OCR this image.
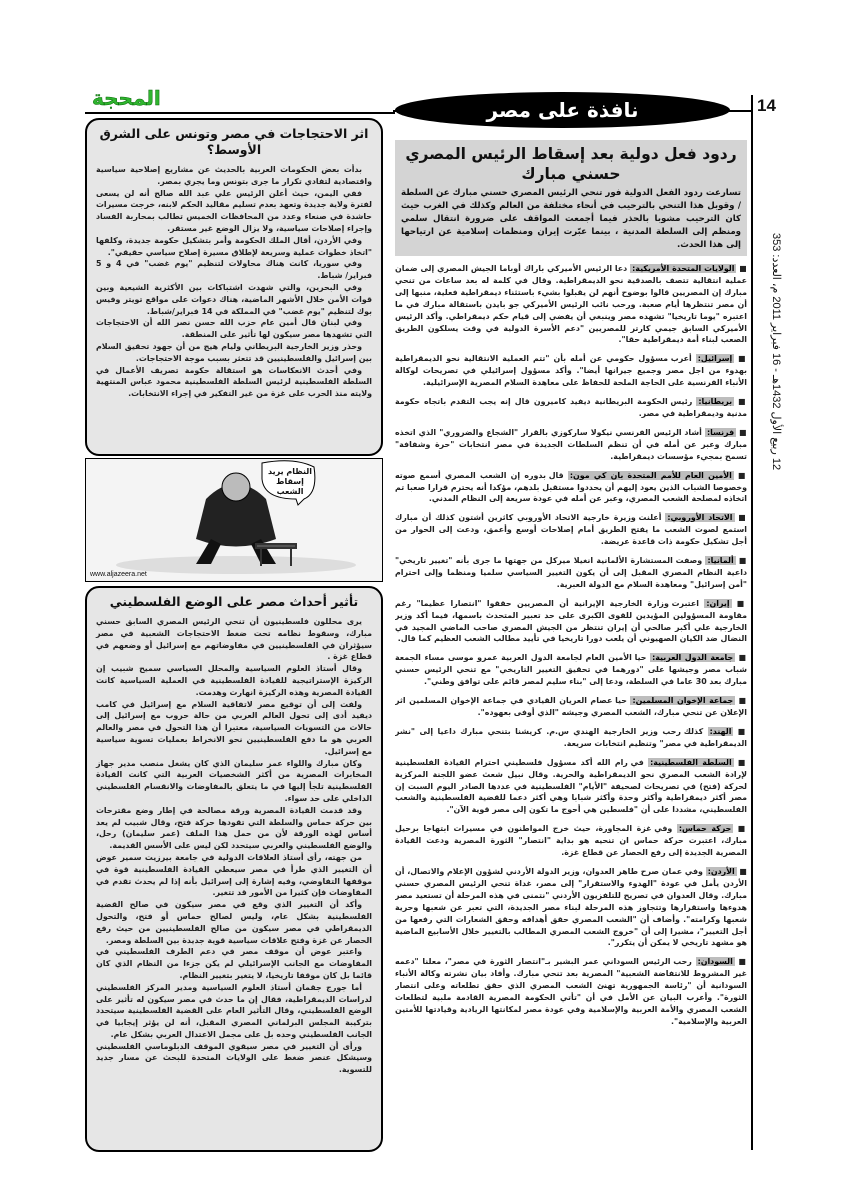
14
نافذة على مصر
12 ربيع الأول 1432هـ - 16 فبراير 2011 م، العدد: 353
المحجة
ردود فعل دولية بعد إسقاط الرئيس المصري حسني مبارك

تسارعت ردود الفعل الدولية فور تنحي الرئيس المصري حسني مبارك عن السلطة / وقوبل هذا التنحي بالترحيب في أنحاء مختلفة من العالم وكذلك في الغرب حيث كان الترحيب مشوبا بالحذر فيما أجمعت المواقف على ضرورة انتقال سلمي ومنظم إلى السلطة المدنية ، بينما عبّرت إيران ومنظمات إسلامية عن ارتياحها إلى هذا الحدث.

■ الولايات المتحدة الأمريكية: دعا الرئيس الأميركي باراك أوباما الجيش المصري إلى ضمان عملية انتقالية تتصف بالصدقية نحو الديمقراطية. وقال في كلمة له بعد ساعات من تنحي مبارك إن المصريين قالوا بوضوح أنهم لن يقبلوا بشيء باستثناء ديمقراطية فعلية، منبها إلى أن مصر تنتظرها أيام صعبة. ورحب نائب الرئيس الأميركي جو بايدن باستقالة مبارك في ما اعتبره "يوما تاريخيا" تشهده مصر وينبغي أن يفضي إلى قيام حكم ديمقراطي. وأكد الرئيس الأميركي السابق جيمي كارتر للمصريين "دعم الأسرة الدولية في وقت يسلكون الطريق الصعب لبناء أمة ديمقراطية حقا".
■ إسرائيل: أعرب مسؤول حكومي عن أمله بأن "تتم العملية الانتقالية نحو الديمقراطية بهدوء من اجل مصر وجميع جيرانها أيضا". وأكد مسؤول إسرائيلي في تصريحات لوكالة الأنباء الفرنسية على الحاجة الملحة للحفاظ على معاهدة السلام المصرية الإسرائيلية.
■ بريطانيا: رئيس الحكومة البريطانية ديفيد كاميرون قال إنه يجب التقدم باتجاه حكومة مدنية وديمقراطية في مصر.
■ فرنسا: أشاد الرئيس الفرنسي نيكولا ساركوزي بالقرار "الشجاع والضروري" الذي اتخذه مبارك وعبر عن أمله في أن تنظم السلطات الجديدة في مصر انتخابات "حرة وشفافة" تسمح بمجيء مؤسسات ديمقراطية.
■ الأمين العام للأمم المتحدة بان كي مون: قال بدوره إن الشعب المصري أسمع صوته وخصوصا الشباب الذين يعود إليهم أن يحددوا مستقبل بلدهم، مؤكدا أنه يحترم قرارا صعبا تم اتخاذه لمصلحة الشعب المصري، وعبر عن أمله في عودة سريعة إلى النظام المدني.
■ الاتحاد الأوروبي: أعلنت وزيرة خارجية الاتحاد الأوروبي كاثرين أشتون كذلك أن مبارك استمع لصوت الشعب ما يفتح الطريق أمام إصلاحات أوسع وأعمق، ودعت إلى الحوار من أجل تشكيل حكومة ذات قاعدة عريضة.
■ ألمانيا: وصفت المستشارة الألمانية انغيلا ميركل من جهتها ما جرى بأنه "تغيير تاريخي" داعية النظام المصري المقبل إلى أن يكون التغيير السياسي سلميا ومنظما وإلى احترام "أمن إسرائيل" ومعاهدة السلام مع الدولة العبرية.
■ إيران: اعتبرت وزارة الخارجية الإيرانية أن المصريين حققوا "انتصارا عظيما" رغم مقاومة المسؤولين المؤيدين للقوى الكبرى على حد تعبير المتحدث باسمها، فيما أكد وزير الخارجية علي أكبر صالحي أن إيران تنتظر من الجيش المصري صاحب الماضي المجيد في النضال ضد الكيان الصهيوني أن يلعب دورا تاريخيا في تأييد مطالب الشعب العظيم كما قال.
■ جامعة الدول العربية: حيا الأمين العام لجامعة الدول العربية عمرو موسى مساء الجمعة شباب مصر وجيشها على "دورهما في تحقيق التغيير التاريخي" مع تنحي الرئيس حسني مبارك بعد 30 عاما في السلطة، ودعا إلى "بناء سليم لمصر قائم على توافق وطني".
■ جماعة الإخوان المسلمين: حيا عصام العريان القيادي في جماعة الإخوان المسلمين اثر الإعلان عن تنحي مبارك، الشعب المصري وجيشه "الذي أوفى بعهوده".
■ الهند: كذلك رحب وزير الخارجية الهندي س.م. كريشنا بتنحي مبارك داعيا إلى "نشر الديمقراطية في مصر" وتنظيم انتخابات سريعة.
■ السلطة الفلسطينية: في رام الله أكد مسؤول فلسطيني احترام القيادة الفلسطينية لإرادة الشعب المصري نحو الديمقراطية والحرية. وقال نبيل شعث عضو اللجنة المركزية لحركة (فتح) في تصريحات لصحيفة "الأيام" الفلسطينية في عددها الصادر اليوم السبت إن مصر أكثر ديمقراطية وأكثر وحدة وأكثر شبابا وهي أكثر دعما للقضية الفلسطينية والشعب الفلسطيني، مشددا على أن "فلسطين هي أحوج ما تكون إلى مصر قوية الآن".
■ حركة حماس: وفي غزة المجاورة، حيث خرج المواطنون في مسيرات ابتهاجا برحيل مبارك، اعتبرت حركة حماس ان تنحيه هو بداية "انتصار" الثورة المصرية ودعت القيادة المصرية الجديدة إلى رفع الحصار عن قطاع غزة.
■ الأردن: وفي عمان صرح طاهر العدوان، وزير الدولة الأردني لشؤون الإعلام والاتصال، أن الأردن يأمل في عودة "الهدوء والاستقرار" إلى مصر، غداة تنحي الرئيس المصري حسني مبارك. وقال العدوان في تصريح للتلفزيون الأردني "نتمنى في هذه المرحلة أن تستعيد مصر هدوءها واستقرارها وتتجاوز هذه المرحلة لبناء مصر الجديدة، التي تعبر عن شعبها وحرية شعبها وكرامته". وأضاف أن "الشعب المصري حقق أهدافه وحقق الشعارات التي رفعها من أجل التغيير"، مشيرا إلى أن "خروج الشعب المصري المطالب بالتغيير خلال الأسابيع الماضية هو مشهد تاريخي لا يمكن أن يتكرر".
■ السودان: رحب الرئيس السوداني عمر البشير بـ"انتصار الثورة في مصر"، معلنا "دعمه غير المشروط للانتفاضة الشعبية" المصرية بعد تنحي مبارك. وأفاد بيان نشرته وكالة الأنباء السودانية أن "رئاسة الجمهورية تهنئ الشعب المصري الذي حقق تطلعاته وعلى انتصار الثورة". وأعرب البيان عن الأمل في أن "تأتي الحكومة المصرية القادمة ملبية لتطلعات الشعب المصري والأمة العربية والإسلامية وفي عودة مصر لمكانتها الريادية وقيادتها للأمتين العربية والإسلامية".
اثر الاحتجاجات في مصر وتونس على الشرق الأوسط؟

بدأت بعض الحكومات العربية بالحديث عن مشاريع إصلاحية سياسية واقتصادية لتفادي تكرار ما جرى بتونس وما يجري بمصر.

ففي اليمن، حيث أعلن الرئيس علي عبد الله صالح أنه لن يسعى لفترة ولاية جديدة وتعهد بعدم تسليم مقاليد الحكم لابنه، خرجت مسيرات حاشدة في صنعاء وعدد من المحافظات الخميس تطالب بمحاربة الفساد وإجراء إصلاحات سياسية، ولا يزال الوضع غير مستقر.

وفي الأردن، أقال الملك الحكومة وأمر بتشكيل حكومة جديدة، وكلفها "اتخاذ خطوات عملية وسريعة لإطلاق مسيرة إصلاح سياسي حقيقي".

وفي سوريا، كانت هناك محاولات لتنظيم "يوم غضب" في 4 و 5 فبراير/ شباط.

وفي البحرين، والتي شهدت اشتباكات بين الأكثرية الشيعية وبين قوات الأمن خلال الأشهر الماضية، هناك دعوات على مواقع تويتر وفيس بوك لتنظيم "يوم غضب" في المملكة في 14 فبراير/شباط.

وفي لبنان قال أمين عام حزب الله حسن نصر الله أن الاحتجاجات التي تشهدها مصر سيكون لها تأثير على المنطقة.

وحذر وزير الخارجية البريطاني وليام هيج من أن جهود تحقيق السلام بين إسرائيل والفلسطينيين قد تتعثر بسبب موجة الاحتجاجات.

وفي أحدث الانعكاسات هو استقالة حكومة تصريف الأعمال في السلطة الفلسطينية لرئيس السلطة الفلسطينية محمود عباس المنتهية ولايته منذ الحرب على غزة من غير التفكير في إجراء الانتخابات.

النظام يريد إسقاط الشعب
www.aljazeera.net
تأثير أحداث مصر على الوضع الفلسطيني

يرى محللون فلسطينيون أن تنحي الرئيس المصري السابق حسني مبارك، وسقوط نظامه تحت ضغط الاحتجاجات الشعبية في مصر سيؤثران في الفلسطينيين في مفاوضاتهم مع إسرائيل أو وضعهم في قطاع غزة .

وقال أستاذ العلوم السياسية والمحلل السياسي سميح شبيب إن الركيزة الإستراتيجية للقيادة الفلسطينية في العملية السياسية كانت القيادة المصرية وهذه الركيزة انهارت وهدمت.

ولفت إلى أن توقيع مصر لاتفاقية السلام مع إسرائيل في كامب ديفيد أدى إلى تحول العالم العربي من حالة حروب مع إسرائيل إلى حالات من التسويات السياسية، معتبرا أن هذا التحول في مصر والعالم العربي هو ما دفع الفلسطينيين نحو الانخراط بعمليات تسوية سياسية مع إسرائيل.

وكان مبارك واللواء عمر سليمان الذي كان يشغل منصب مدير جهاز المخابرات المصرية من أكثر الشخصيات العربية التي كانت القيادة الفلسطينية تلجأ إليها في ما يتعلق بالمفاوضات والانقسام الفلسطيني الداخلي على حد سواء.

وقد قدمت القيادة المصرية ورقة مصالحة في إطار وضع مقترحات بين حركة حماس والسلطة التي تقودها حركة فتح، وقال شبيب لم يعد أساس لهذه الورقة لأن من حمل هذا الملف (عمر سليمان) رحل، والوضع الفلسطيني والعربي سيتحدد لكن ليس على الأسس القديمة.

من جهته، رأى أستاذ العلاقات الدولية في جامعة بيرزيت سمير عوض أن التغيير الذي طرأ في مصر سيعطي القيادة الفلسطينية قوة في موقفها التفاوضي، وفيه إشارة إلى إسرائيل بأنه إذا لم يحدث تقدم في المفاوضات فإن كثيرا من الأمور قد تتغير.

وأكد أن التغيير الذي وقع في مصر سيكون في صالح القضية الفلسطينية بشكل عام، وليس لصالح حماس أو فتح، والتحول الديمقراطي في مصر سيكون من صالح الفلسطينيين من حيث رفع الحصار عن غزة وفتح علاقات سياسية قوية جديدة بين السلطة ومصر.

واعتبر عوض أن موقف مصر في دعم الطرف الفلسطيني في المفاوضات مع الجانب الإسرائيلي لم يكن جزءا من النظام الذي كان قائما بل كان موقفا تاريخيا، لا يتغير بتغيير النظام.

أما جورج جقمان أستاذ العلوم السياسية ومدير المركز الفلسطيني لدراسات الديمقراطية، فقال إن ما حدث في مصر سيكون له تأثير على الوضع الفلسطيني، وقال التأثير العام على القضية الفلسطينية سيتحدد بتركيبة المجلس البرلماني المصري المقبل، أنه لن يؤثر إيجابيا في الجانب الفلسطيني وحده بل على مجمل الاعتدال العربي بشكل عام.

ورأى أن التغيير في مصر سيقوي الموقف الدبلوماسي الفلسطيني وسيشكل عنصر ضغط على الولايات المتحدة للبحث عن مسار جديد للتسوية.
